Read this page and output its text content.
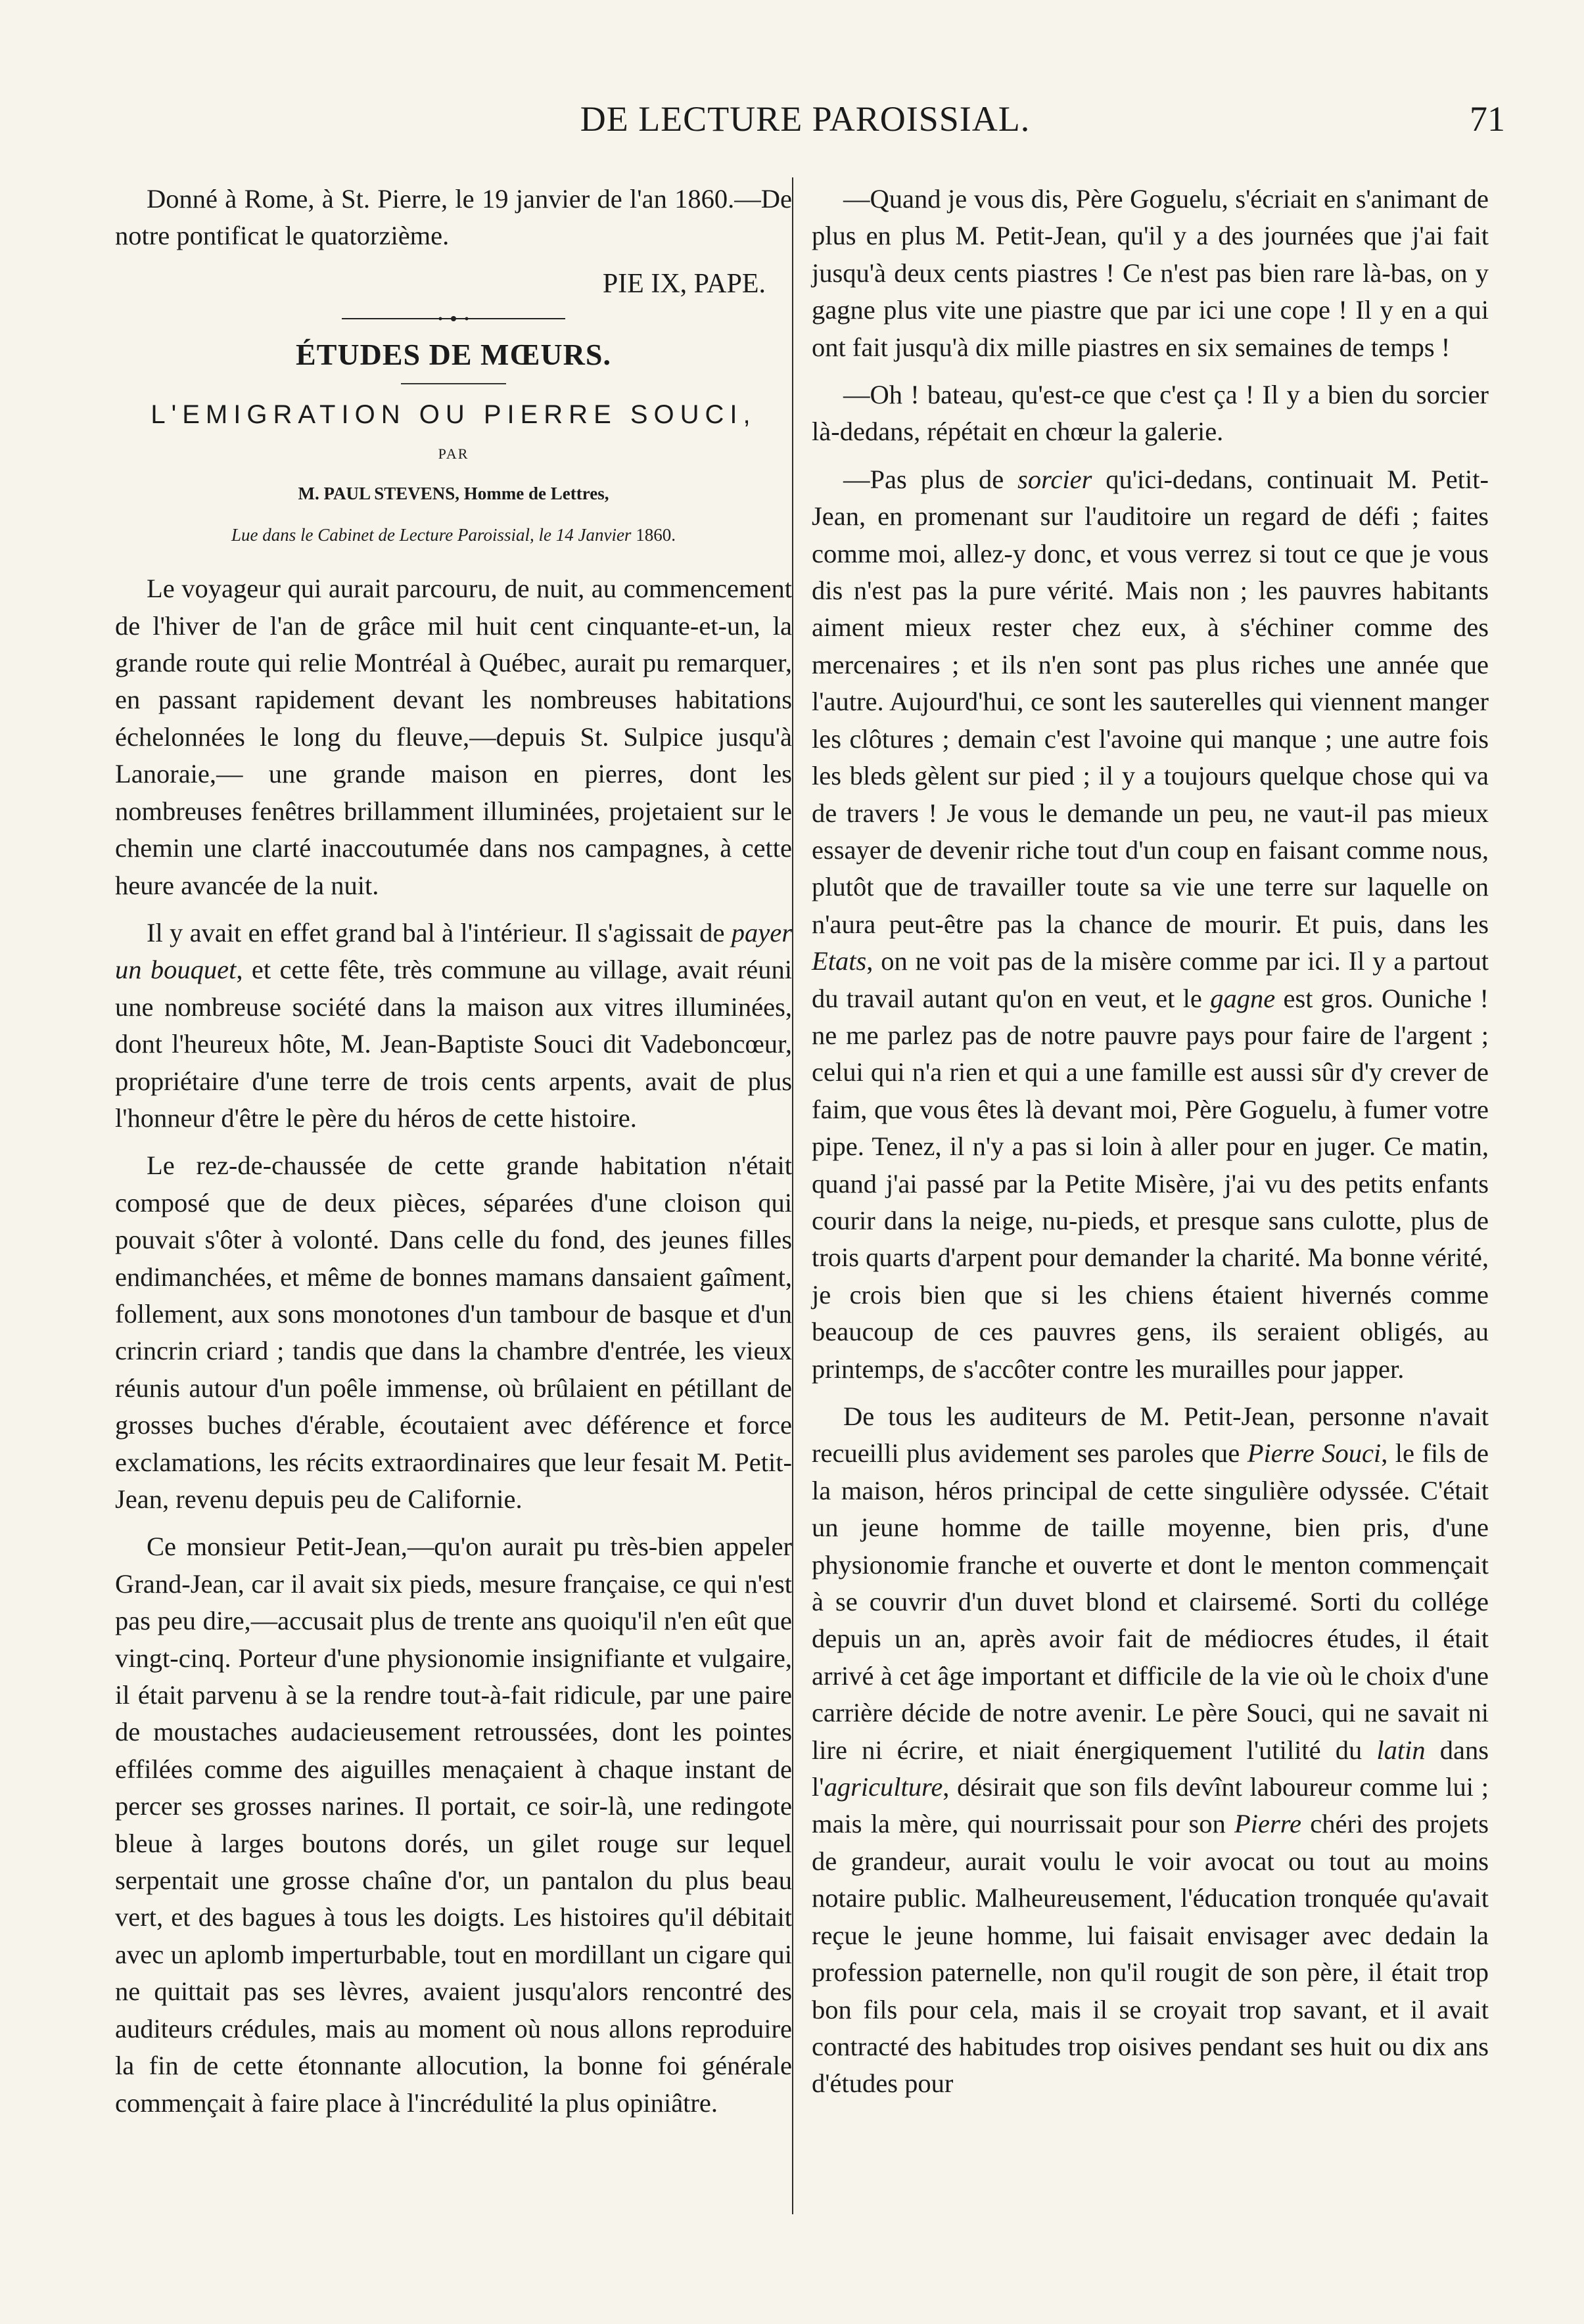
DE LECTURE PAROISSIAL.	71

Donné à Rome, à St. Pierre, le 19 janvier de l'an 1860.—De notre pontificat le quatorzième.

PIE IX, PAPE.
ÉTUDES DE MŒURS.
L'EMIGRATION OU PIERRE SOUCI,
PAR
M. PAUL STEVENS, Homme de Lettres,
Lue dans le Cabinet de Lecture Paroissial, le 14 Janvier 1860.

Le voyageur qui aurait parcouru, de nuit, au commencement de l'hiver de l'an de grâce mil huit cent cinquante-et-un, la grande route qui relie Montréal à Québec, aurait pu remarquer, en passant rapidement devant les nombreuses habitations échelonnées le long du fleuve,—depuis St. Sulpice jusqu'à Lanoraie,— une grande maison en pierres, dont les nombreuses fenêtres brillamment illuminées, projetaient sur le chemin une clarté inaccoutumée dans nos campagnes, à cette heure avancée de la nuit.

Il y avait en effet grand bal à l'intérieur. Il s'agissait de payer un bouquet, et cette fête, très commune au village, avait réuni une nombreuse société dans la maison aux vitres illuminées, dont l'heureux hôte, M. Jean-Baptiste Souci dit Vadeboncœur, propriétaire d'une terre de trois cents arpents, avait de plus l'honneur d'être le père du héros de cette histoire.

Le rez-de-chaussée de cette grande habitation n'était composé que de deux pièces, séparées d'une cloison qui pouvait s'ôter à volonté. Dans celle du fond, des jeunes filles endimanchées, et même de bonnes mamans dansaient gaîment, follement, aux sons monotones d'un tambour de basque et d'un crincrin criard ; tandis que dans la chambre d'entrée, les vieux réunis autour d'un poêle immense, où brûlaient en pétillant de grosses buches d'érable, écoutaient avec déférence et force exclamations, les récits extraordinaires que leur fesait M. Petit-Jean, revenu depuis peu de Californie.

Ce monsieur Petit-Jean,—qu'on aurait pu très-bien appeler Grand-Jean, car il avait six pieds, mesure française, ce qui n'est pas peu dire,—accusait plus de trente ans quoiqu'il n'en eût que vingt-cinq. Porteur d'une physionomie insignifiante et vulgaire, il était parvenu à se la rendre tout-à-fait ridicule, par une paire de moustaches audacieusement retroussées, dont les pointes effilées comme des aiguilles menaçaient à chaque instant de percer ses grosses narines. Il portait, ce soir-là, une redingote bleue à larges boutons dorés, un gilet rouge sur lequel serpentait une grosse chaîne d'or, un pantalon du plus beau vert, et des bagues à tous les doigts. Les histoires qu'il débitait avec un aplomb imperturbable, tout en mordillant un cigare qui ne quittait pas ses lèvres, avaient jusqu'alors rencontré des auditeurs crédules, mais au moment où nous allons reproduire la fin de cette étonnante allocution, la bonne foi générale commençait à faire place à l'incrédulité la plus opiniâtre.

—Quand je vous dis, Père Goguelu, s'écriait en s'animant de plus en plus M. Petit-Jean, qu'il y a des journées que j'ai fait jusqu'à deux cents piastres ! Ce n'est pas bien rare là-bas, on y gagne plus vite une piastre que par ici une cope ! Il y en a qui ont fait jusqu'à dix mille piastres en six semaines de temps !

—Oh ! bateau, qu'est-ce que c'est ça ! Il y a bien du sorcier là-dedans, répétait en chœur la galerie.

—Pas plus de sorcier qu'ici-dedans, continuait M. Petit-Jean, en promenant sur l'auditoire un regard de défi ; faites comme moi, allez-y donc, et vous verrez si tout ce que je vous dis n'est pas la pure vérité. Mais non ; les pauvres habitants aiment mieux rester chez eux, à s'échiner comme des mercenaires ; et ils n'en sont pas plus riches une année que l'autre. Aujourd'hui, ce sont les sauterelles qui viennent manger les clôtures ; demain c'est l'avoine qui manque ; une autre fois les bleds gèlent sur pied ; il y a toujours quelque chose qui va de travers ! Je vous le demande un peu, ne vaut-il pas mieux essayer de devenir riche tout d'un coup en faisant comme nous, plutôt que de travailler toute sa vie une terre sur laquelle on n'aura peut-être pas la chance de mourir. Et puis, dans les Etats, on ne voit pas de la misère comme par ici. Il y a partout du travail autant qu'on en veut, et le gagne est gros. Ouniche ! ne me parlez pas de notre pauvre pays pour faire de l'argent ; celui qui n'a rien et qui a une famille est aussi sûr d'y crever de faim, que vous êtes là devant moi, Père Goguelu, à fumer votre pipe. Tenez, il n'y a pas si loin à aller pour en juger. Ce matin, quand j'ai passé par la Petite Misère, j'ai vu des petits enfants courir dans la neige, nu-pieds, et presque sans culotte, plus de trois quarts d'arpent pour demander la charité. Ma bonne vérité, je crois bien que si les chiens étaient hivernés comme beaucoup de ces pauvres gens, ils seraient obligés, au printemps, de s'accôter contre les murailles pour japper.

De tous les auditeurs de M. Petit-Jean, personne n'avait recueilli plus avidement ses paroles que Pierre Souci, le fils de la maison, héros principal de cette singulière odyssée. C'était un jeune homme de taille moyenne, bien pris, d'une physionomie franche et ouverte et dont le menton commençait à se couvrir d'un duvet blond et clairsemé. Sorti du collége depuis un an, après avoir fait de médiocres études, il était arrivé à cet âge important et difficile de la vie où le choix d'une carrière décide de notre avenir. Le père Souci, qui ne savait ni lire ni écrire, et niait énergiquement l'utilité du latin dans l'agriculture, désirait que son fils devînt laboureur comme lui ; mais la mère, qui nourrissait pour son Pierre chéri des projets de grandeur, aurait voulu le voir avocat ou tout au moins notaire public. Malheureusement, l'éducation tronquée qu'avait reçue le jeune homme, lui faisait envisager avec dedain la profession paternelle, non qu'il rougit de son père, il était trop bon fils pour cela, mais il se croyait trop savant, et il avait contracté des habitudes trop oisives pendant ses huit ou dix ans d'études pour
